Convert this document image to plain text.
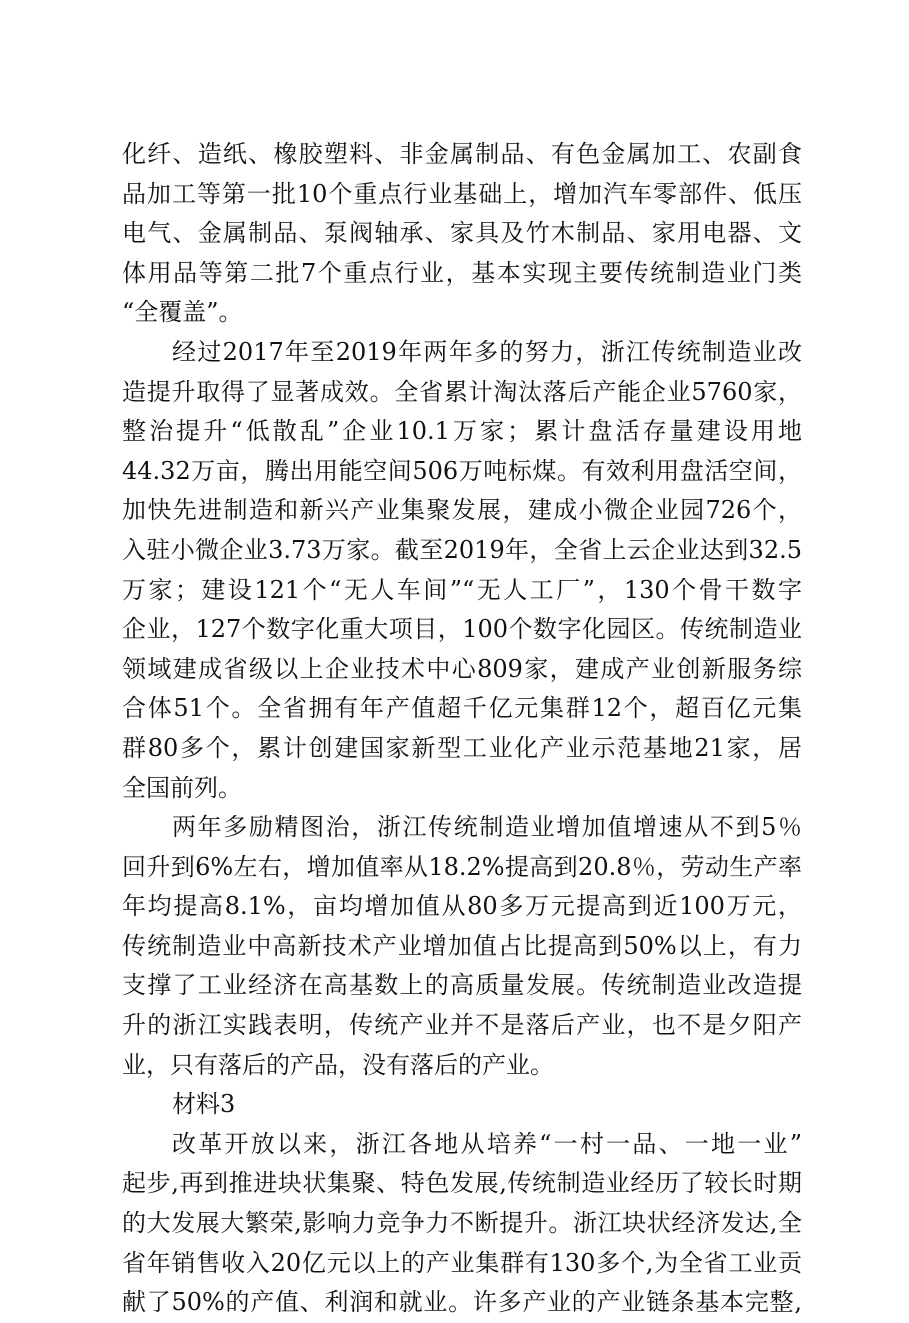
化纤、造纸、橡胶塑料、非金属制品、有色金属加工、农副食
品加工等第一批10个重点行业基础上，增加汽车零部件、低压
电气、金属制品、泵阀轴承、家具及竹木制品、家用电器、文
体用品等第二批7个重点行业，基本实现主要传统制造业门类
“全覆盖”。
经过2017年至2019年两年多的努力，浙江传统制造业改
造提升取得了显著成效。全省累计淘汰落后产能企业5760家，
整治提升“低散乱”企业10.1万家；累计盘活存量建设用地
44.32万亩，腾出用能空间506万吨标煤。有效利用盘活空间，
加快先进制造和新兴产业集聚发展，建成小微企业园726个，
入驻小微企业3.73万家。截至2019年，全省上云企业达到32.5
万家；建设121个“无人车间”“无人工厂”，130个骨干数字
企业，127个数字化重大项目，100个数字化园区。传统制造业
领域建成省级以上企业技术中心809家，建成产业创新服务综
合体51个。全省拥有年产值超千亿元集群12个，超百亿元集
群80多个，累计创建国家新型工业化产业示范基地21家，居
全国前列。
两年多励精图治，浙江传统制造业增加值增速从不到5％
回升到6%左右，增加值率从18.2%提高到20.8％，劳动生产率
年均提高8.1%，亩均增加值从80多万元提高到近100万元，
传统制造业中高新技术产业增加值占比提高到50%以上，有力
支撑了工业经济在高基数上的高质量发展。传统制造业改造提
升的浙江实践表明，传统产业并不是落后产业，也不是夕阳产
业，只有落后的产品，没有落后的产业。
材料3
改革开放以来，浙江各地从培养“一村一品、一地一业”
起步,再到推进块状集聚、特色发展,传统制造业经历了较长时期
的大发展大繁荣,影响力竞争力不断提升。浙江块状经济发达,全
省年销售收入20亿元以上的产业集群有130多个,为全省工业贡
献了50%的产值、利润和就业。许多产业的产业链条基本完整,
